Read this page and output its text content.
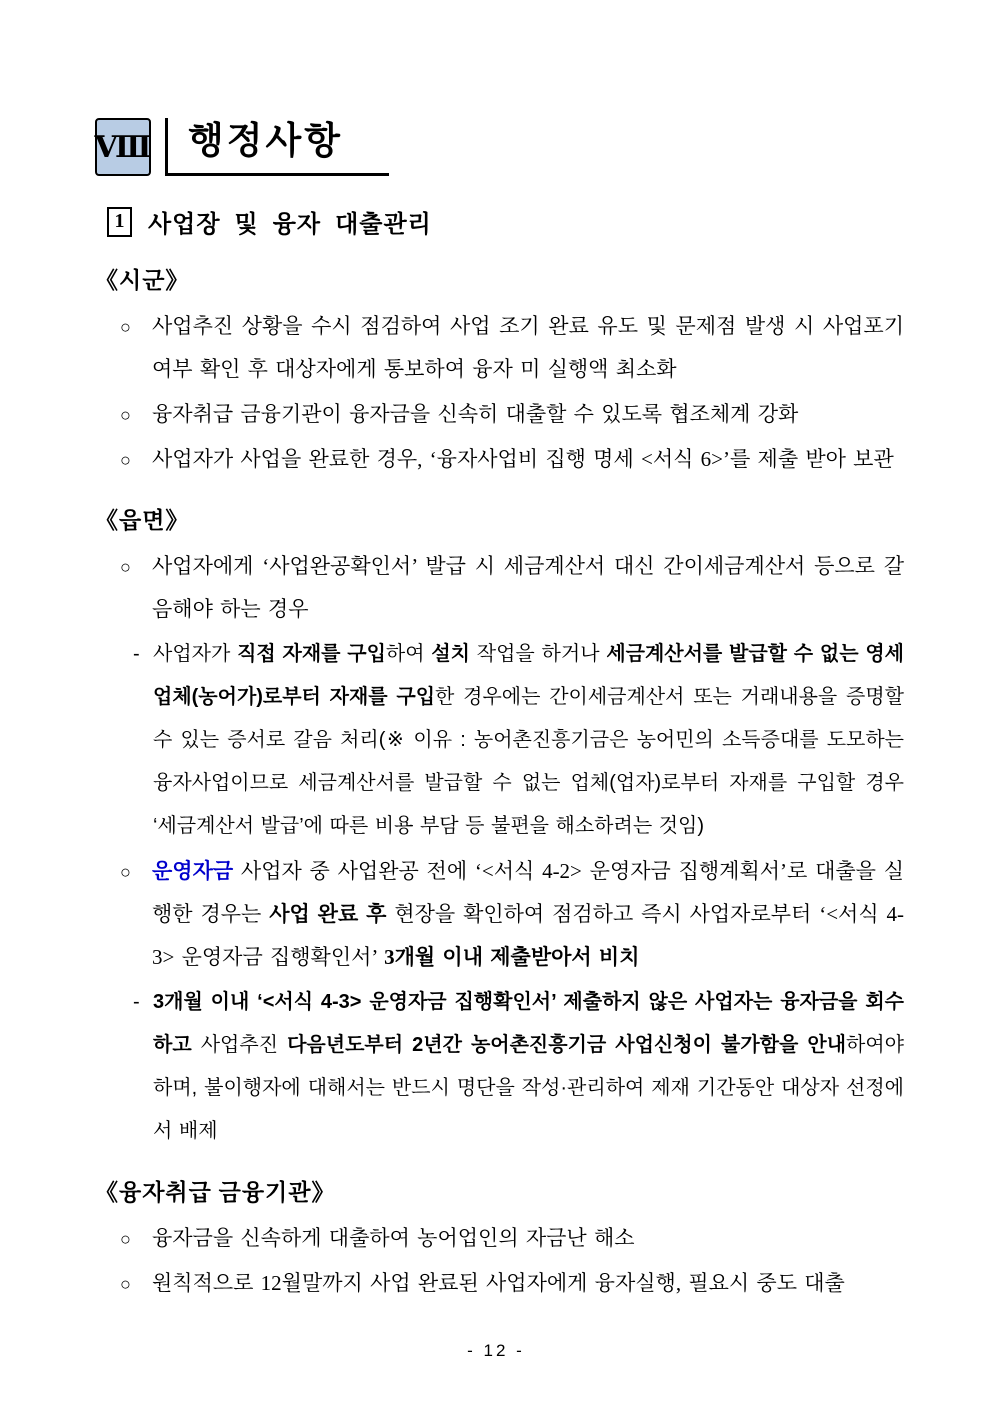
Ⅷ 행정사항
1 사업장 및 융자 대출관리
《시군》
○ 사업추진 상황을 수시 점검하여 사업 조기 완료 유도 및 문제점 발생 시 사업포기 여부 확인 후 대상자에게 통보하여 융자 미 실행액 최소화
○ 융자취급 금융기관이 융자금을 신속히 대출할 수 있도록 협조체계 강화
○ 사업자가 사업을 완료한 경우, ‘융자사업비 집행 명세 <서식 6>’를 제출 받아 보관
《읍면》
○ 사업자에게 ‘사업완공확인서’ 발급 시 세금계산서 대신 간이세금계산서 등으로 갈음해야 하는 경우
- 사업자가 직접 자재를 구입하여 설치 작업을 하거나 세금계산서를 발급할 수 없는 영세업체(농어가)로부터 자재를 구입한 경우에는 간이세금계산서 또는 거래내용을 증명할 수 있는 증서로 갈음 처리(※ 이유 : 농어촌진흥기금은 농어민의 소득증대를 도모하는 융자사업이므로 세금계산서를 발급할 수 없는 업체(업자)로부터 자재를 구입할 경우 ‘세금계산서 발급’에 따른 비용 부담 등 불편을 해소하려는 것임)
○ 운영자금 사업자 중 사업완공 전에 ‘<서식 4-2> 운영자금 집행계획서’로 대출을 실행한 경우는 사업 완료 후 현장을 확인하여 점검하고 즉시 사업자로부터 ‘<서식 4-3> 운영자금 집행확인서’ 3개월 이내 제출받아서 비치
- 3개월 이내 ‘<서식 4-3> 운영자금 집행확인서’ 제출하지 않은 사업자는 융자금을 회수하고 사업추진 다음년도부터 2년간 농어촌진흥기금 사업신청이 불가함을 안내하여야 하며, 불이행자에 대해서는 반드시 명단을 작성·관리하여 제재 기간동안 대상자 선정에서 배제
《융자취급 금융기관》
○ 융자금을 신속하게 대출하여 농어업인의 자금난 해소
○ 원칙적으로 12월말까지 사업 완료된 사업자에게 융자실행, 필요시 중도 대출
- 12 -
